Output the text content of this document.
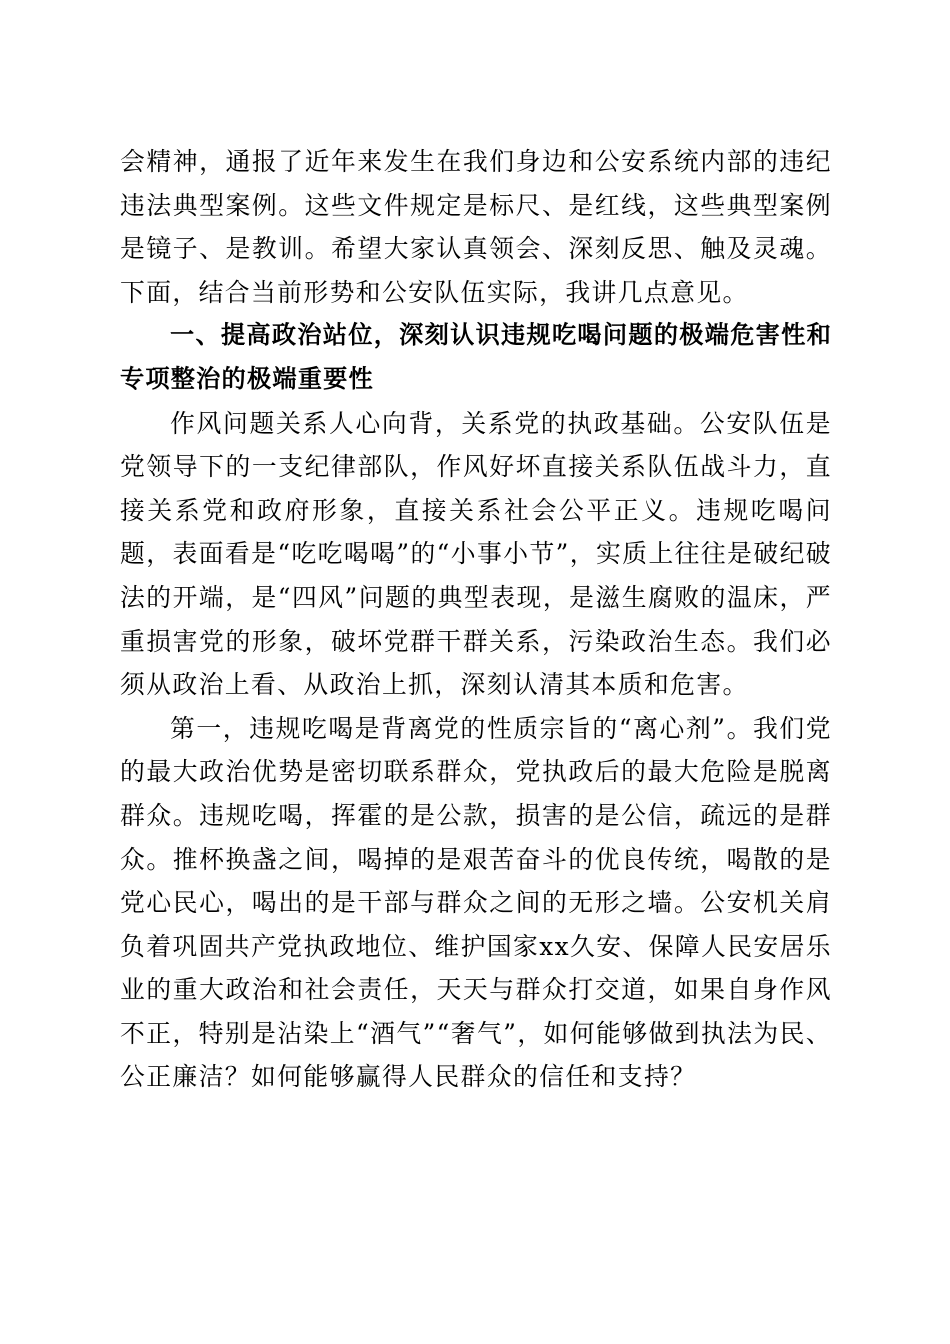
会精神，通报了近年来发生在我们身边和公安系统内部的违纪违法典型案例。这些文件规定是标尺、是红线，这些典型案例是镜子、是教训。希望大家认真领会、深刻反思、触及灵魂。下面，结合当前形势和公安队伍实际，我讲几点意见。

一、提高政治站位，深刻认识违规吃喝问题的极端危害性和专项整治的极端重要性

作风问题关系人心向背，关系党的执政基础。公安队伍是党领导下的一支纪律部队，作风好坏直接关系队伍战斗力，直接关系党和政府形象，直接关系社会公平正义。违规吃喝问题，表面看是“吃吃喝喝”的“小事小节”，实质上往往是破纪破法的开端，是“四风”问题的典型表现，是滋生腐败的温床，严重损害党的形象，破坏党群干群关系，污染政治生态。我们必须从政治上看、从政治上抓，深刻认清其本质和危害。

第一，违规吃喝是背离党的性质宗旨的“离心剂”。我们党的最大政治优势是密切联系群众，党执政后的最大危险是脱离群众。违规吃喝，挥霍的是公款，损害的是公信，疏远的是群众。推杯换盏之间，喝掉的是艰苦奋斗的优良传统，喝散的是党心民心，喝出的是干部与群众之间的无形之墙。公安机关肩负着巩固共产党执政地位、维护国家xx久安、保障人民安居乐业的重大政治和社会责任，天天与群众打交道，如果自身作风不正，特别是沾染上“酒气”“奢气”，如何能够做到执法为民、公正廉洁？如何能够赢得人民群众的信任和支持？
